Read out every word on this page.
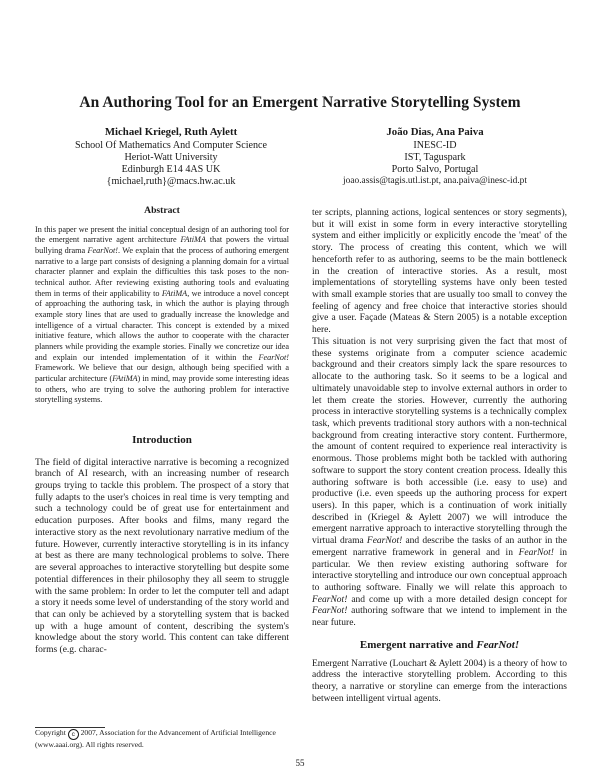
An Authoring Tool for an Emergent Narrative Storytelling System
Michael Kriegel, Ruth Aylett
School Of Mathematics And Computer Science
Heriot-Watt University
Edinburgh E14 4AS UK
{michael,ruth}@macs.hw.ac.uk
João Dias, Ana Paiva
INESC-ID
IST, Taguspark
Porto Salvo, Portugal
joao.assis@tagis.utl.ist.pt, ana.paiva@inesc-id.pt
Abstract

In this paper we present the initial conceptual design of an authoring tool for the emergent narrative agent architecture FAtiMA that powers the virtual bullying drama FearNot!. We explain that the process of authoring emergent narrative to a large part consists of designing a planning domain for a virtual character planner and explain the difficulties this task poses to the non-technical author. After reviewing existing authoring tools and evaluating them in terms of their applicability to FAtiMA, we introduce a novel concept of approaching the authoring task, in which the author is playing through example story lines that are used to gradually increase the knowledge and intelligence of a virtual character. This concept is extended by a mixed initiative feature, which allows the author to cooperate with the character planners while providing the example stories. Finally we concretize our idea and explain our intended implementation of it within the FearNot! Framework. We believe that our design, although being specified with a particular architecture (FAtiMA) in mind, may provide some interesting ideas to others, who are trying to solve the authoring problem for interactive storytelling systems.

Introduction

The field of digital interactive narrative is becoming a recognized branch of AI research, with an increasing number of research groups trying to tackle this problem. The prospect of a story that fully adapts to the user's choices in real time is very tempting and such a technology could be of great use for entertainment and education purposes. After books and films, many regard the interactive story as the next revolutionary narrative medium of the future. However, currently interactive storytelling is in its infancy at best as there are many technological problems to solve. There are several approaches to interactive storytelling but despite some potential differences in their philosophy they all seem to struggle with the same problem: In order to let the computer tell and adapt a story it needs some level of understanding of the story world and that can only be achieved by a storytelling system that is backed up with a huge amount of content, describing the system's knowledge about the story world. This content can take different forms (e.g. charac-

ter scripts, planning actions, logical sentences or story segments), but it will exist in some form in every interactive storytelling system and either implicitly or explicitly encode the 'meat' of the story. The process of creating this content, which we will henceforth refer to as authoring, seems to be the main bottleneck in the creation of interactive stories. As a result, most implementations of storytelling systems have only been tested with small example stories that are usually too small to convey the feeling of agency and free choice that interactive stories should give a user. Façade (Mateas & Stern 2005) is a notable exception here.

This situation is not very surprising given the fact that most of these systems originate from a computer science academic background and their creators simply lack the spare resources to allocate to the authoring task. So it seems to be a logical and ultimately unavoidable step to involve external authors in order to let them create the stories. However, currently the authoring process in interactive storytelling systems is a technically complex task, which prevents traditional story authors with a non-technical background from creating interactive story content. Furthermore, the amount of content required to experience real interactivity is enormous. Those problems might both be tackled with authoring software to support the story content creation process. Ideally this authoring software is both accessible (i.e. easy to use) and productive (i.e. even speeds up the authoring process for expert users). In this paper, which is a continuation of work initially described in (Kriegel & Aylett 2007) we will introduce the emergent narrative approach to interactive storytelling through the virtual drama FearNot! and describe the tasks of an author in the emergent narrative framework in general and in FearNot! in particular. We then review existing authoring software for interactive storytelling and introduce our own conceptual approach to authoring software. Finally we will relate this approach to FearNot! and come up with a more detailed design concept for FearNot! authoring software that we intend to implement in the near future.

Emergent narrative and FearNot!

Emergent Narrative (Louchart & Aylett 2004) is a theory of how to address the interactive storytelling problem. According to this theory, a narrative or storyline can emerge from the interactions between intelligent virtual agents.

Copyright c 2007, Association for the Advancement of Artificial Intelligence (www.aaai.org). All rights reserved.
55
